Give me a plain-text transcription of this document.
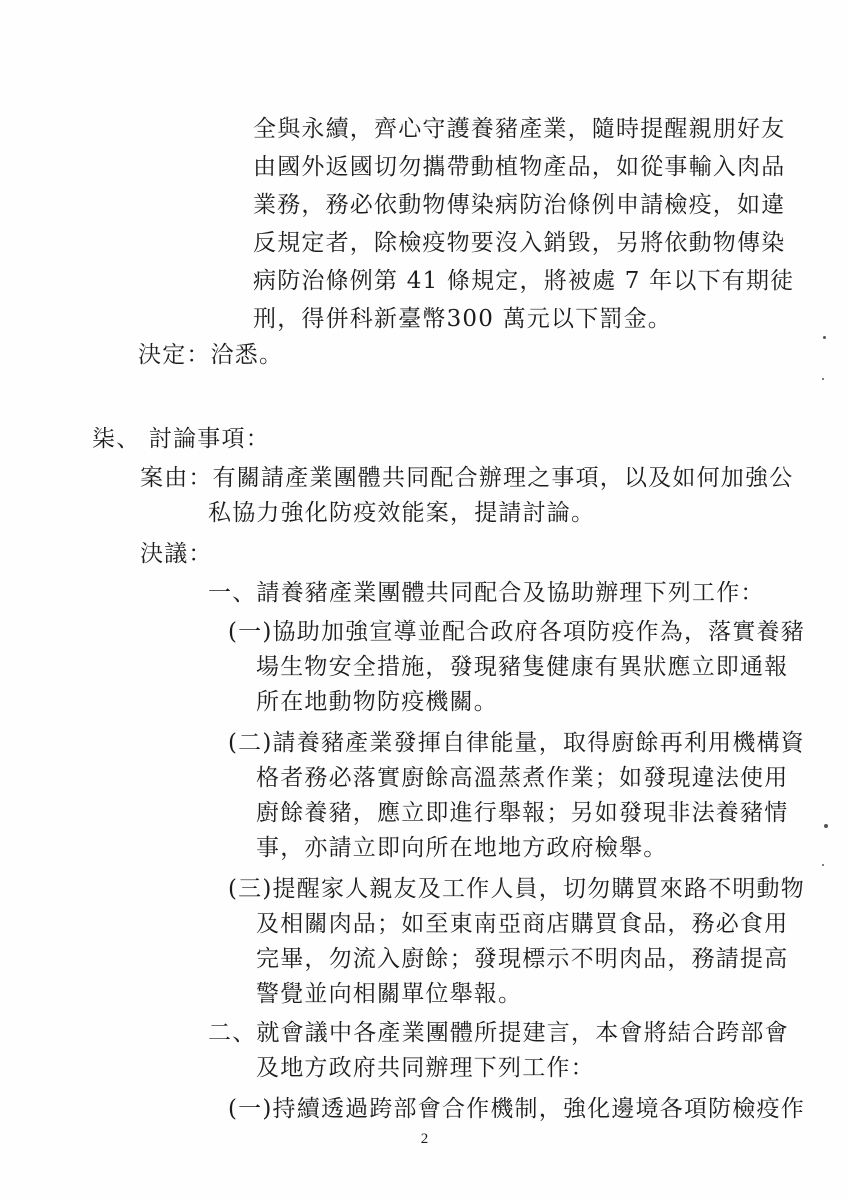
全與永續，齊心守護養豬產業，隨時提醒親朋好友
由國外返國切勿攜帶動植物產品，如從事輸入肉品
業務，務必依動物傳染病防治條例申請檢疫，如違
反規定者，除檢疫物要沒入銷毀，另將依動物傳染
病防治條例第 41 條規定，將被處 7 年以下有期徒
刑，得併科新臺幣300 萬元以下罰金。
決定：洽悉。
柒、 討論事項：
案由：有關請產業團體共同配合辦理之事項，以及如何加強公
私協力強化防疫效能案，提請討論。
決議：
一、請養豬產業團體共同配合及協助辦理下列工作：
(一)協助加強宣導並配合政府各項防疫作為，落實養豬
場生物安全措施，發現豬隻健康有異狀應立即通報
所在地動物防疫機關。
(二)請養豬產業發揮自律能量，取得廚餘再利用機構資
格者務必落實廚餘高溫蒸煮作業；如發現違法使用
廚餘養豬，應立即進行舉報；另如發現非法養豬情
事，亦請立即向所在地地方政府檢舉。
(三)提醒家人親友及工作人員，切勿購買來路不明動物
及相關肉品；如至東南亞商店購買食品，務必食用
完畢，勿流入廚餘；發現標示不明肉品，務請提高
警覺並向相關單位舉報。
二、就會議中各產業團體所提建言，本會將結合跨部會
及地方政府共同辦理下列工作：
(一)持續透過跨部會合作機制，強化邊境各項防檢疫作
2
